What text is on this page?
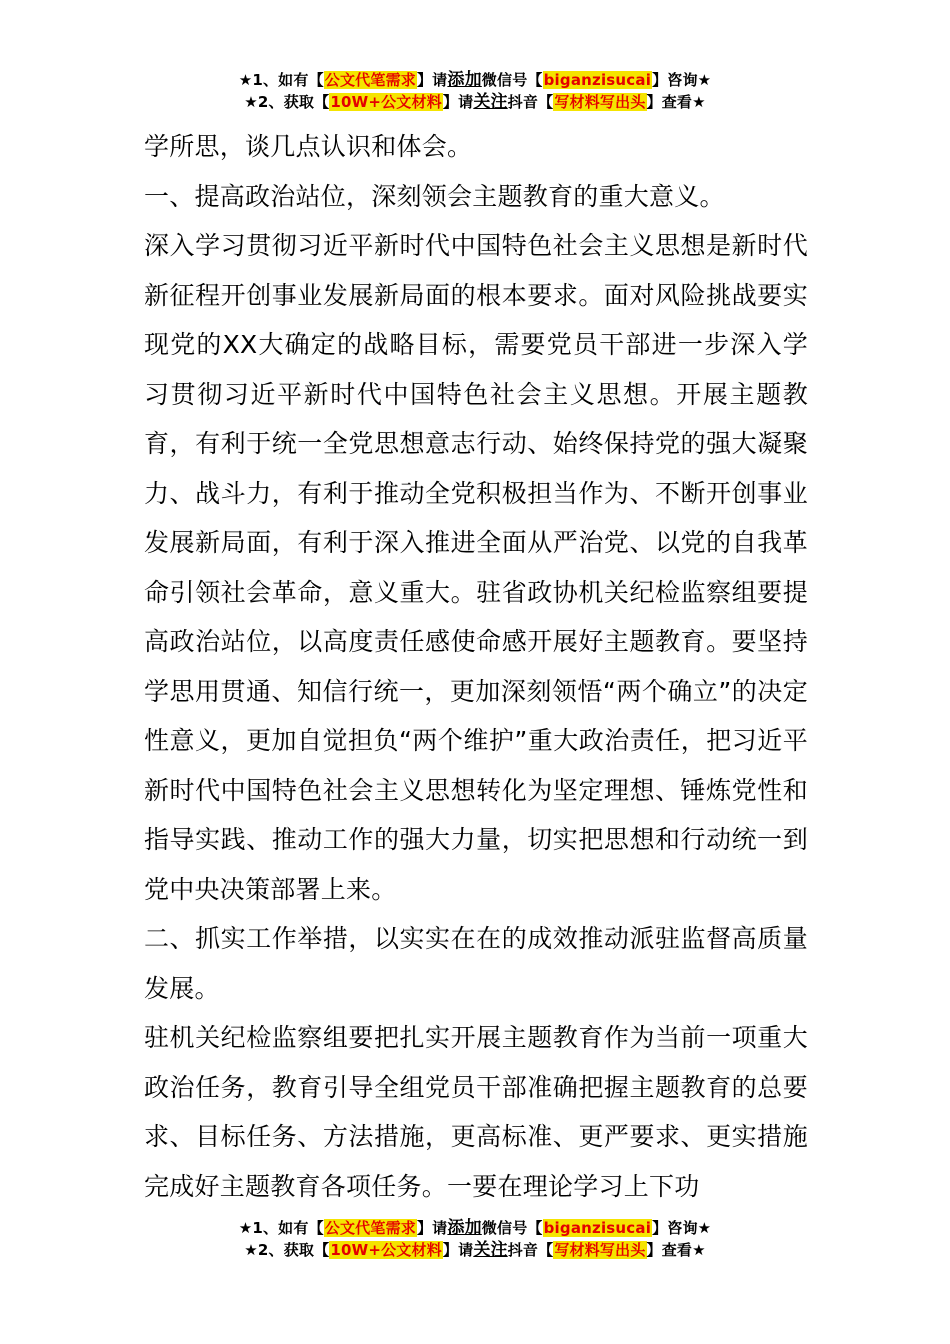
★1、如有【公文代笔需求】请添加微信号【biganzisucai】咨询★
★2、获取【10W+公文材料】请关注抖音【写材料写出头】查看★

学所思，谈几点认识和体会。

一、提高政治站位，深刻领会主题教育的重大意义。

深入学习贯彻习近平新时代中国特色社会主义思想是新时代新征程开创事业发展新局面的根本要求。面对风险挑战要实现党的XX大确定的战略目标，需要党员干部进一步深入学习贯彻习近平新时代中国特色社会主义思想。开展主题教育，有利于统一全党思想意志行动、始终保持党的强大凝聚力、战斗力，有利于推动全党积极担当作为、不断开创事业发展新局面，有利于深入推进全面从严治党、以党的自我革命引领社会革命，意义重大。驻省政协机关纪检监察组要提高政治站位，以高度责任感使命感开展好主题教育。要坚持学思用贯通、知信行统一，更加深刻领悟“两个确立”的决定性意义，更加自觉担负“两个维护”重大政治责任，把习近平新时代中国特色社会主义思想转化为坚定理想、锤炼党性和指导实践、推动工作的强大力量，切实把思想和行动统一到党中央决策部署上来。

二、抓实工作举措，以实实在在的成效推动派驻监督高质量发展。

驻机关纪检监察组要把扎实开展主题教育作为当前一项重大政治任务，教育引导全组党员干部准确把握主题教育的总要求、目标任务、方法措施，更高标准、更严要求、更实措施完成好主题教育各项任务。一要在理论学习上下功

★1、如有【公文代笔需求】请添加微信号【biganzisucai】咨询★
★2、获取【10W+公文材料】请关注抖音【写材料写出头】查看★
